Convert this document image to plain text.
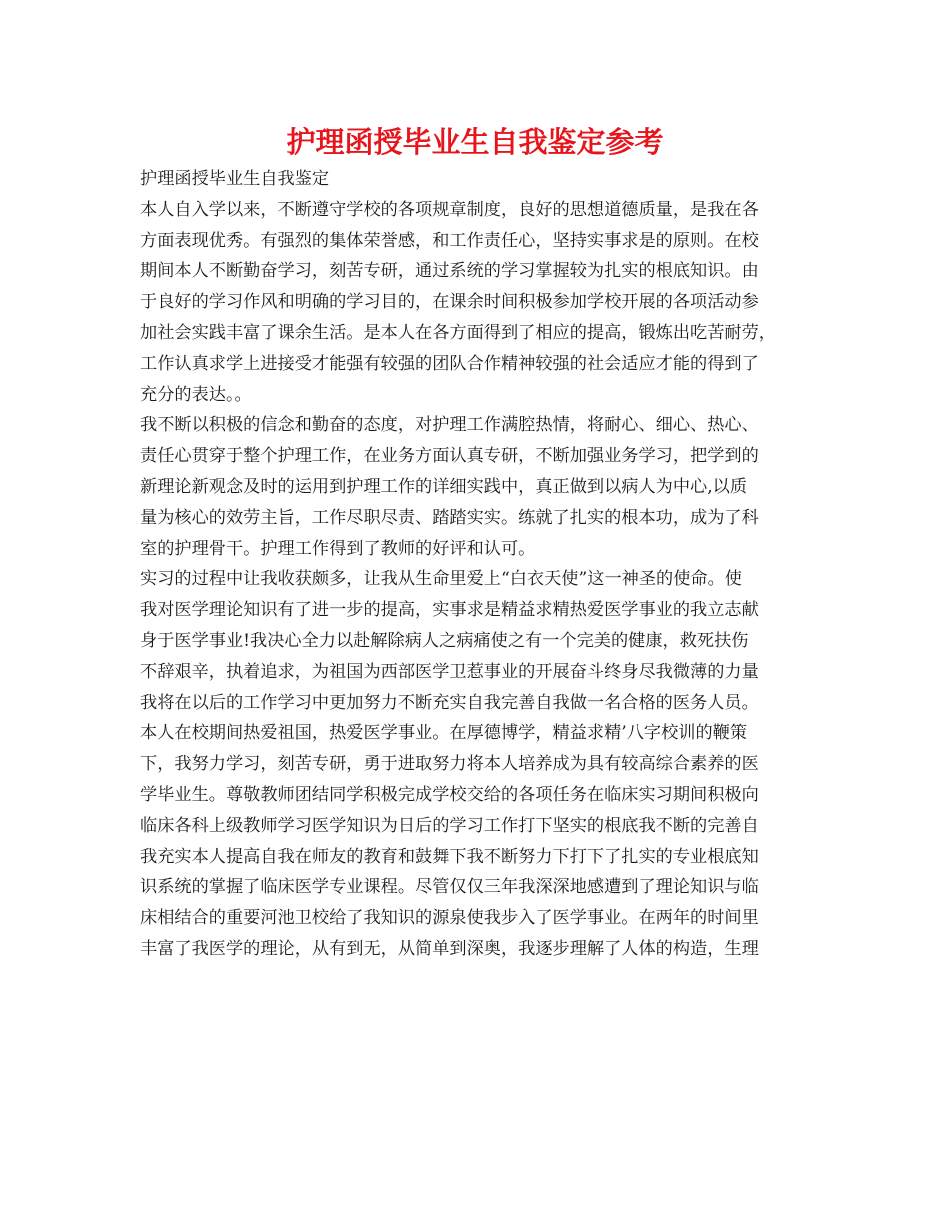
护理函授毕业生自我鉴定参考
护理函授毕业生自我鉴定
本人自入学以来，不断遵守学校的各项规章制度，良好的思想道德质量，是我在各
方面表现优秀。有强烈的集体荣誉感，和工作责任心，坚持实事求是的原则。在校
期间本人不断勤奋学习，刻苦专研，通过系统的学习掌握较为扎实的根底知识。由
于良好的学习作风和明确的学习目的，在课余时间积极参加学校开展的各项活动参
加社会实践丰富了课余生活。是本人在各方面得到了相应的提高，锻炼出吃苦耐劳，
工作认真求学上进接受才能强有较强的团队合作精神较强的社会适应才能的得到了
充分的表达。。
我不断以积极的信念和勤奋的态度，对护理工作满腔热情，将耐心、细心、热心、
责任心贯穿于整个护理工作，在业务方面认真专研，不断加强业务学习，把学到的
新理论新观念及时的运用到护理工作的详细实践中，真正做到以病人为中心,以质
量为核心的效劳主旨，工作尽职尽责、踏踏实实。练就了扎实的根本功，成为了科
室的护理骨干。护理工作得到了教师的好评和认可。
实习的过程中让我收获颇多，让我从生命里爱上“白衣天使”这一神圣的使命。使
我对医学理论知识有了进一步的提高，实事求是精益求精热爱医学事业的我立志献
身于医学事业!我决心全力以赴解除病人之病痛使之有一个完美的健康，救死扶伤
不辞艰辛，执着追求，为祖国为西部医学卫惹事业的开展奋斗终身尽我微薄的力量
我将在以后的工作学习中更加努力不断充实自我完善自我做一名合格的医务人员。
本人在校期间热爱祖国，热爱医学事业。在厚德博学，精益求精’八字校训的鞭策
下，我努力学习，刻苦专研，勇于进取努力将本人培养成为具有较高综合素养的医
学毕业生。尊敬教师团结同学积极完成学校交给的各项任务在临床实习期间积极向
临床各科上级教师学习医学知识为日后的学习工作打下坚实的根底我不断的完善自
我充实本人提高自我在师友的教育和鼓舞下我不断努力下打下了扎实的专业根底知
识系统的掌握了临床医学专业课程。尽管仅仅三年我深深地感遭到了理论知识与临
床相结合的重要河池卫校给了我知识的源泉使我步入了医学事业。在两年的时间里
丰富了我医学的理论，从有到无，从简单到深奥，我逐步理解了人体的构造，生理
